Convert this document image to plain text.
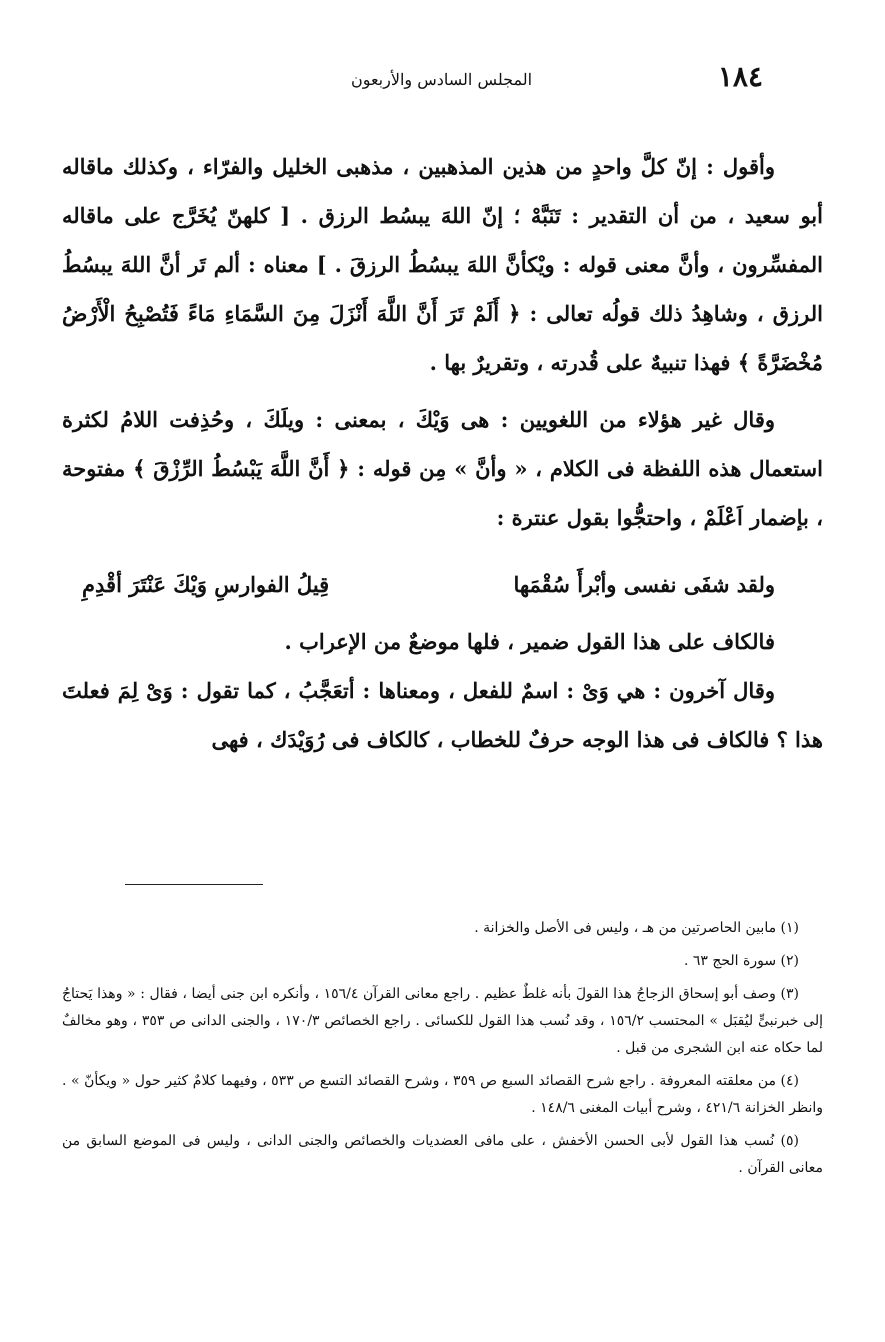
١٨٤
المجلس السادس والأربعون

وأقول : إنّ كلَّ واحدٍ من هذين المذهبين ، مذهبى الخليل والفرّاء ، وكذلك ماقاله أبو سعيد ، من أن التقدير : تَنَبَّهْ ؛ إنّ اللهَ يبسُط الرزق . [ كلهنّ يُخَرَّج على ماقاله المفسِّرون ، وأنَّ معنى قوله : ويْكأنَّ اللهَ يبسُطُ الرزقَ . ] معناه : ألم تَر أنَّ اللهَ يبسُطُ الرزق ، وشاهِدُ ذلك قولُه تعالى : ﴿ أَلَمْ تَرَ أَنَّ اللَّهَ أَنْزَلَ مِنَ السَّمَاءِ مَاءً فَتُصْبِحُ الْأَرْضُ مُخْضَرَّةً ﴾ فهذا تنبيهٌ على قُدرته ، وتقريرٌ بها .

وقال غير هؤلاء من اللغويين : هى وَيْكَ ، بمعنى : ويلَكَ ، وحُذِفت اللامُ لكثرة استعمال هذه اللفظة فى الكلام ، « وأنَّ » مِن قوله : ﴿ أَنَّ اللَّهَ يَبْسُطُ الرِّزْقَ ﴾ مفتوحة ، بإضمار اَعْلَمْ ، واحتجُّوا بقول عنترة :

ولقد شفَى نفسى وأبْرأَ سُقْمَها
قِيلُ الفوارسِ وَيْكَ عَنْتَرَ أقْدِمِ

فالكاف على هذا القول ضمير ، فلها موضعٌ من الإعراب .

وقال آخرون : هي وَىْ : اسمٌ للفعل ، ومعناها : أتعَجَّبُ ، كما تقول : وَىْ لِمَ فعلتَ هذا ؟ فالكاف فى هذا الوجه حرفٌ للخطاب ، كالكاف فى رُوَيْدَك ، فهى

(١) مابين الحاصرتين من هـ ، وليس فى الأصل والخزانة .

(٢) سورة الحج ٦٣ .

(٣) وصف أبو إسحاق الزجاجُ هذا القولَ بأنه غلطٌ عظيم . راجع معانى القرآن ١٥٦/٤ ، وأنكره ابن جنى أيضا ، فقال : « وهذا يَحتاجُ إلى خبرنبىٍّ ليُقبَل » المحتسب ١٥٦/٢ ، وقد نُسب هذا القول للكسائى . راجع الخصائص ١٧٠/٣ ، والجنى الدانى ص ٣٥٣ ، وهو مخالفٌ لما حكاه عنه ابن الشجرى من قبل .

(٤) من معلقته المعروفة . راجع شرح القصائد السبع ص ٣٥٩ ، وشرح القصائد التسع ص ٥٣٣ ، وفيهما كلامٌ كثير حول « ويكأنّ » . وانظر الخزانة ٤٢١/٦ ، وشرح أبيات المغنى ١٤٨/٦ .

(٥) نُسب هذا القول لأبى الحسن الأخفش ، على مافى العضديات والخصائص والجنى الدانى ، وليس فى الموضع السابق من معانى القرآن .
